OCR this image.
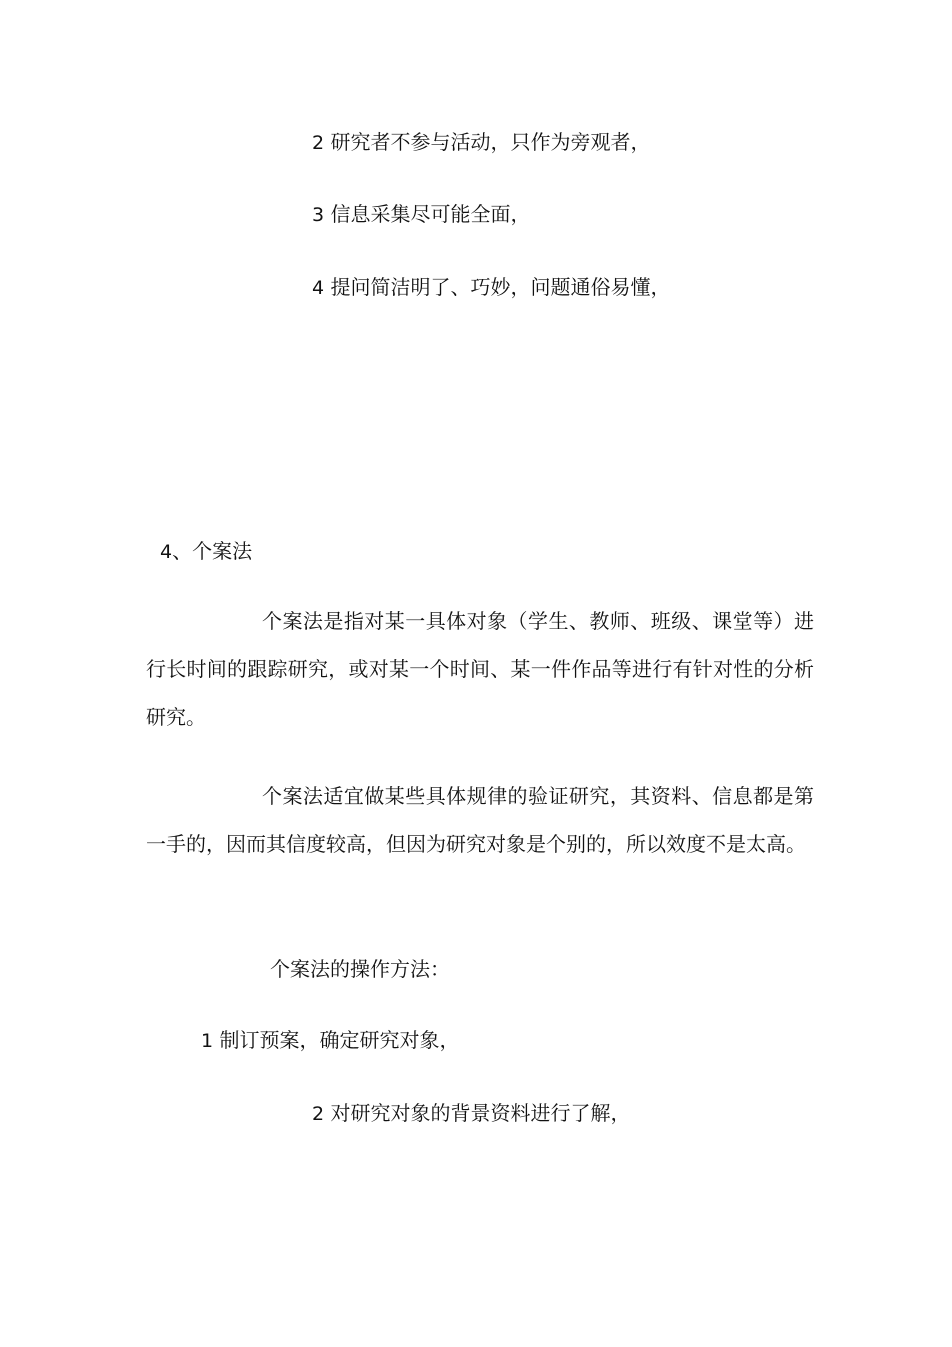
2 研究者不参与活动，只作为旁观者，

3 信息采集尽可能全面，

4 提问简洁明了、巧妙，问题通俗易懂，

4、个案法

个案法是指对某一具体对象（学生、教师、班级、课堂等）进行长时间的跟踪研究，或对某一个时间、某一件作品等进行有针对性的分析 研究。

个案法适宜做某些具体规律的验证研究，其资料、信息都是第一手的，因而其信度较高，但因为研究对象是个别的，所以效度不是太高。

个案法的操作方法：

1 制订预案，确定研究对象，

2 对研究对象的背景资料进行了解，
